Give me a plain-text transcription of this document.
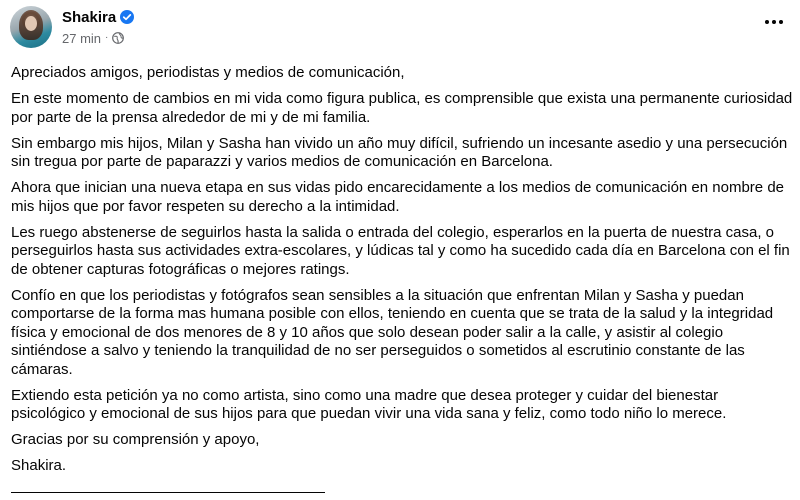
Shakira
27 min ·

Apreciados amigos, periodistas y medios de comunicación,

En este momento de cambios en mi vida como figura publica, es comprensible que exista una permanente curiosidad por parte de la prensa alrededor de mi y de mi familia.

Sin embargo mis hijos, Milan y Sasha han vivido un año muy difícil, sufriendo un incesante asedio y una persecución sin tregua por parte de paparazzi y varios medios de comunicación en Barcelona.

Ahora que inician una nueva etapa en sus vidas pido encarecidamente a los medios de comunicación en nombre de mis hijos que por favor respeten su derecho a la intimidad.

Les ruego abstenerse de seguirlos hasta la salida o entrada del colegio, esperarlos en la puerta de nuestra casa, o perseguirlos hasta sus actividades extra-escolares, y lúdicas tal y como ha sucedido cada día en Barcelona con el fin de obtener capturas fotográficas o mejores ratings.

Confío en que los periodistas y fotógrafos sean sensibles a la situación que enfrentan Milan y Sasha y puedan comportarse de la forma mas humana posible con ellos, teniendo en cuenta que se trata de la salud y la integridad física y emocional de dos menores de 8 y 10 años que solo desean poder salir a la calle, y asistir al colegio sintiéndose a salvo y teniendo la tranquilidad de no ser perseguidos o sometidos al escrutinio constante de las cámaras.

Extiendo esta petición ya no como artista, sino como una madre que desea proteger y cuidar del bienestar psicológico y emocional de sus hijos para que puedan vivir una vida sana y feliz, como todo niño lo merece.

Gracias por su comprensión y apoyo,

Shakira.
